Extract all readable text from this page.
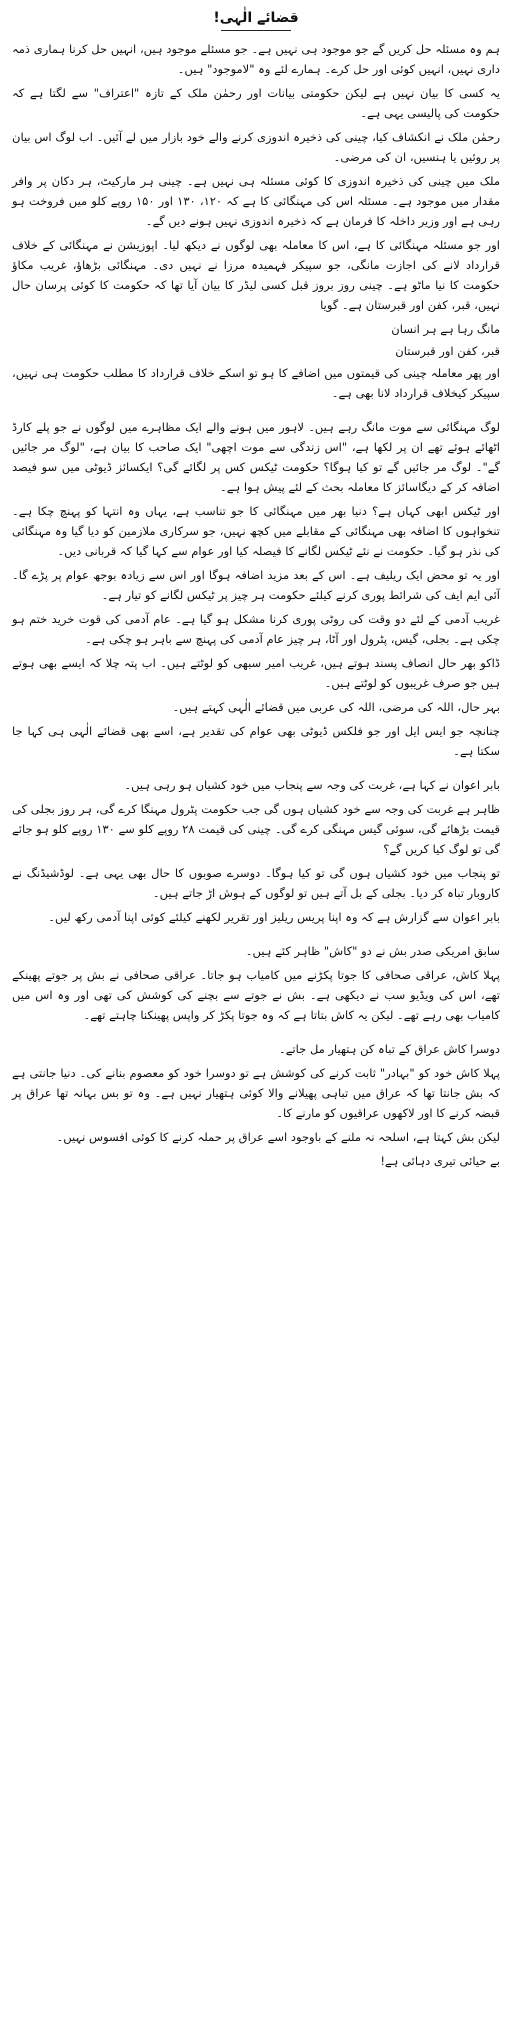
قضائے الٰہی!

ہم وہ مسئلہ حل کریں گے جو موجود ہی نہیں ہے۔ جو مسئلے موجود ہیں، انہیں حل کرنا ہماری ذمہ داری نہیں، انہیں کوئی اور حل کرے۔ ہمارے لئے وہ "لاموجود" ہیں۔

یہ کسی کا بیان نہیں ہے لیکن حکومتی بیانات اور رحمٰن ملک کے تازہ "اعتراف" سے لگتا ہے کہ حکومت کی پالیسی یہی ہے۔

رحمٰن ملک نے انکشاف کیا، چینی کی ذخیرہ اندوزی کرنے والے خود بازار میں لے آئیں۔ اب لوگ اس بیان پر روئیں یا ہنسیں، ان کی مرضی۔

ملک میں چینی کی ذخیرہ اندوزی کا کوئی مسئلہ ہی نہیں ہے۔ چینی ہر مارکیٹ، ہر دکان پر وافر مقدار میں موجود ہے۔ مسئلہ اس کی مہنگائی کا ہے کہ ۱۲۰، ۱۳۰ اور ۱۵۰ روپے کلو میں فروخت ہو رہی ہے اور وزیر داخلہ کا فرمان ہے کہ ذخیرہ اندوزی نہیں ہونے دیں گے۔

اور جو مسئلہ مہنگائی کا ہے، اس کا معاملہ بھی لوگوں نے دیکھ لیا۔ اپوزیشن نے مہنگائی کے خلاف قرارداد لانے کی اجازت مانگی، جو سپیکر فہمیدہ مرزا نے نہیں دی۔ مہنگائی بڑھاؤ، غریب مکاؤ حکومت کا نیا ماٹو ہے۔ چینی روز بروز قبل کسی لیڈر کا بیان آیا تھا کہ حکومت کا کوئی پرسان حال نہیں، قبر، کفن اور قبرستان ہے۔ گویا

مانگ رہا ہے ہر انسان

قبر، کفن اور قبرستان

اور پھر معاملہ چینی کی قیمتوں میں اضافے کا ہو تو اسکے خلاف قرارداد کا مطلب حکومت ہی نہیں، سپیکر کیخلاف قرارداد لانا بھی ہے۔

لوگ مہنگائی سے موت مانگ رہے ہیں۔ لاہور میں ہونے والے ایک مظاہرے میں لوگوں نے جو پلے کارڈ اٹھائے ہوئے تھے ان پر لکھا ہے، "اس زندگی سے موت اچھی" ایک صاحب کا بیان ہے، "لوگ مر جائیں گے"۔ لوگ مر جائیں گے تو کیا ہوگا؟ حکومت ٹیکس کس پر لگائے گی؟ ایکسائز ڈیوٹی میں سو فیصد اضافہ کر کے دیگاسائز کا معاملہ بحث کے لئے پیش ہوا ہے۔

اور ٹیکس ابھی کہاں ہے؟ دنیا بھر میں مہنگائی کا جو تناسب ہے، یہاں وہ انتہا کو پہنچ چکا ہے۔ تنخواہوں کا اضافہ بھی مہنگائی کے مقابلے میں کچھ نہیں، جو سرکاری ملازمین کو دیا گیا وہ مہنگائی کی نذر ہو گیا۔ حکومت نے نئے ٹیکس لگانے کا فیصلہ کیا اور عوام سے کہا گیا کہ قربانی دیں۔

اور یہ تو محض ایک ریلیف ہے۔ اس کے بعد مزید اضافہ ہوگا اور اس سے زیادہ بوجھ عوام پر پڑے گا۔ آئی ایم ایف کی شرائط پوری کرنے کیلئے حکومت ہر چیز پر ٹیکس لگانے کو تیار ہے۔

غریب آدمی کے لئے دو وقت کی روٹی پوری کرنا مشکل ہو گیا ہے۔ عام آدمی کی قوت خرید ختم ہو چکی ہے۔ بجلی، گیس، پٹرول اور آٹا، ہر چیز عام آدمی کی پہنچ سے باہر ہو چکی ہے۔

ڈاکو بھر حال انصاف پسند ہوتے ہیں، غریب امیر سبھی کو لوٹتے ہیں۔ اب پتہ چلا کہ ایسے بھی ہوتے ہیں جو صرف غریبوں کو لوٹتے ہیں۔

بہر حال، اللہ کی مرضی، اللہ کی عربی میں قضائے الٰہی کہتے ہیں۔

چنانچہ جو ایس ایل اور جو فلکس ڈیوٹی بھی عوام کی تقدیر ہے، اسے بھی قضائے الٰہی ہی کہا جا سکتا ہے۔

بابر اعوان نے کہا ہے، غربت کی وجہ سے پنجاب میں خود کشیاں ہو رہی ہیں۔

ظاہر ہے غربت کی وجہ سے خود کشیاں ہوں گی جب حکومت پٹرول مہنگا کرے گی، ہر روز بجلی کی قیمت بڑھائے گی، سوئی گیس مہنگی کرے گی۔ چینی کی قیمت ۲۸ روپے کلو سے ۱۳۰ روپے کلو ہو جائے گی تو لوگ کیا کریں گے؟

تو پنجاب میں خود کشیاں ہوں گی تو کیا ہوگا۔ دوسرے صوبوں کا حال بھی یہی ہے۔ لوڈشیڈنگ نے کاروبار تباہ کر دیا۔ بجلی کے بل آتے ہیں تو لوگوں کے ہوش اڑ جاتے ہیں۔

بابر اعوان سے گزارش ہے کہ وہ اپنا پریس ریلیز اور تقریر لکھنے کیلئے کوئی اپنا آدمی رکھ لیں۔

سابق امریکی صدر بش نے دو "کاش" ظاہر کئے ہیں۔

پہلا کاش، عراقی صحافی کا جوتا پکڑنے میں کامیاب ہو جاتا۔ عراقی صحافی نے بش پر جوتے پھینکے تھے، اس کی ویڈیو سب نے دیکھی ہے۔ بش نے جوتے سے بچنے کی کوشش کی تھی اور وہ اس میں کامیاب بھی رہے تھے۔ لیکن یہ کاش بتاتا ہے کہ وہ جوتا پکڑ کر واپس پھینکنا چاہتے تھے۔

دوسرا کاش عراق کے تباہ کن ہتھیار مل جاتے۔

پہلا کاش خود کو "بہادر" ثابت کرنے کی کوشش ہے تو دوسرا خود کو معصوم بنانے کی۔ دنیا جانتی ہے کہ بش جانتا تھا کہ عراق میں تباہی پھیلانے والا کوئی ہتھیار نہیں ہے۔ وہ تو بس بہانہ تھا عراق پر قبضہ کرنے کا اور لاکھوں عراقیوں کو مارنے کا۔

لیکن بش کہتا ہے، اسلحہ نہ ملنے کے باوجود اسے عراق پر حملہ کرنے کا کوئی افسوس نہیں۔

بے حیائی تیری دہائی ہے!
